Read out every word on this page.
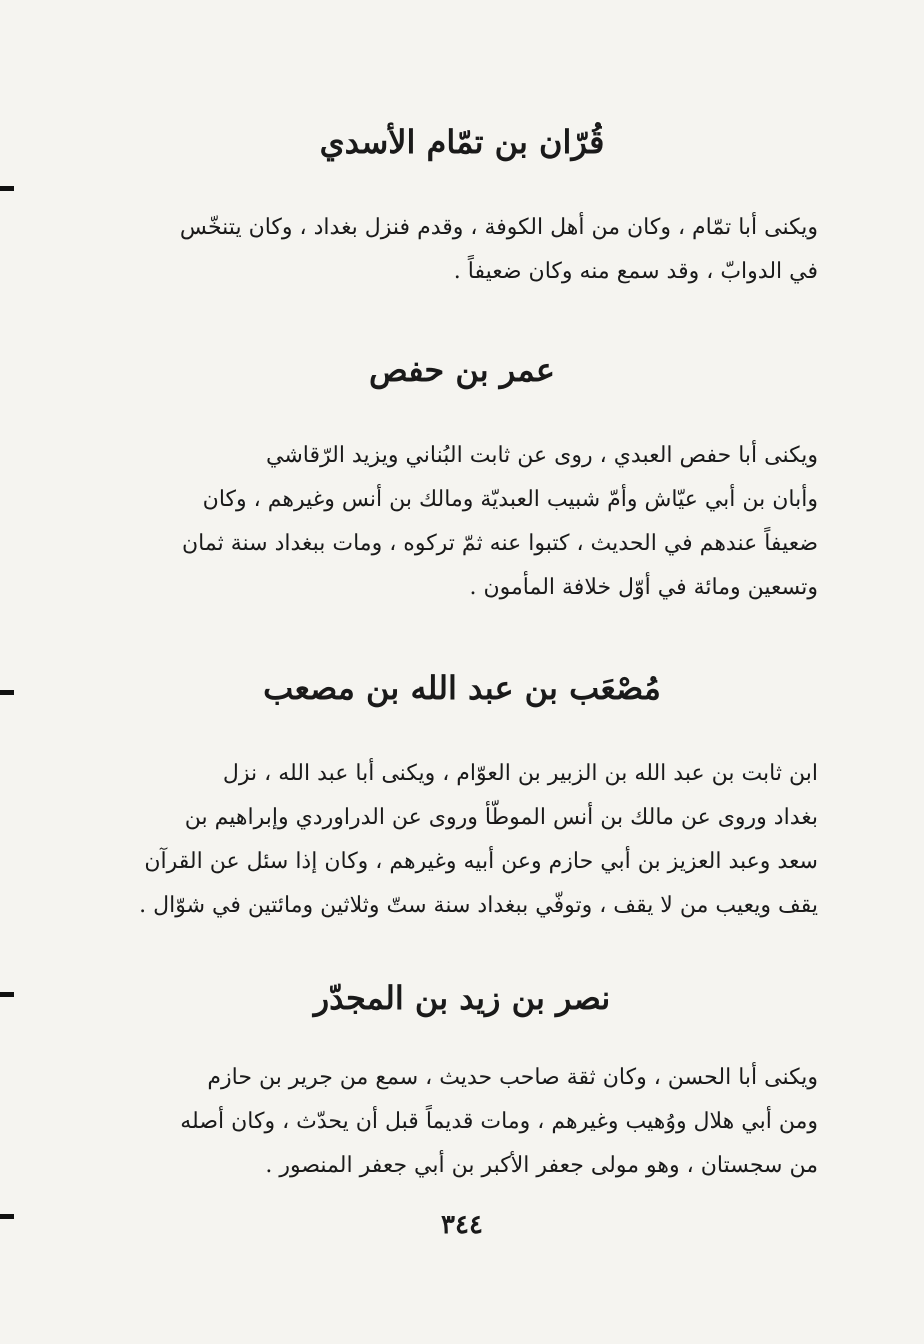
قُرّان بن تمّام الأسدي

ويكنى أبا تمّام ، وكان من أهل الكوفة ، وقدم فنزل بغداد ، وكان يتنخّس
في الدوابّ ، وقد سمع منه وكان ضعيفاً .

عمر بن حفص

ويكنى أبا حفص العبدي ، روى عن ثابت البُناني ويزيد الرّقاشي
وأبان بن أبي عيّاش وأمّ شبيب العبديّة ومالك بن أنس وغيرهم ، وكان
ضعيفاً عندهم في الحديث ، كتبوا عنه ثمّ تركوه ، ومات ببغداد سنة ثمان
وتسعين ومائة في أوّل خلافة المأمون .

مُصْعَب بن عبد الله بن مصعب

ابن ثابت بن عبد الله بن الزبير بن العوّام ، ويكنى أبا عبد الله ، نزل
بغداد وروى عن مالك بن أنس الموطّأ وروى عن الدراوردي وإبراهيم بن
سعد وعبد العزيز بن أبي حازم وعن أبيه وغيرهم ، وكان إذا سئل عن القرآن
يقف ويعيب من لا يقف ، وتوفّي ببغداد سنة ستّ وثلاثين ومائتين في شوّال .

نصر بن زيد بن المجدّر

ويكنى أبا الحسن ، وكان ثقة صاحب حديث ، سمع من جرير بن حازم
ومن أبي هلال ووُهيب وغيرهم ، ومات قديماً قبل أن يحدّث ، وكان أصله
من سجستان ، وهو مولى جعفر الأكبر بن أبي جعفر المنصور .

٣٤٤
